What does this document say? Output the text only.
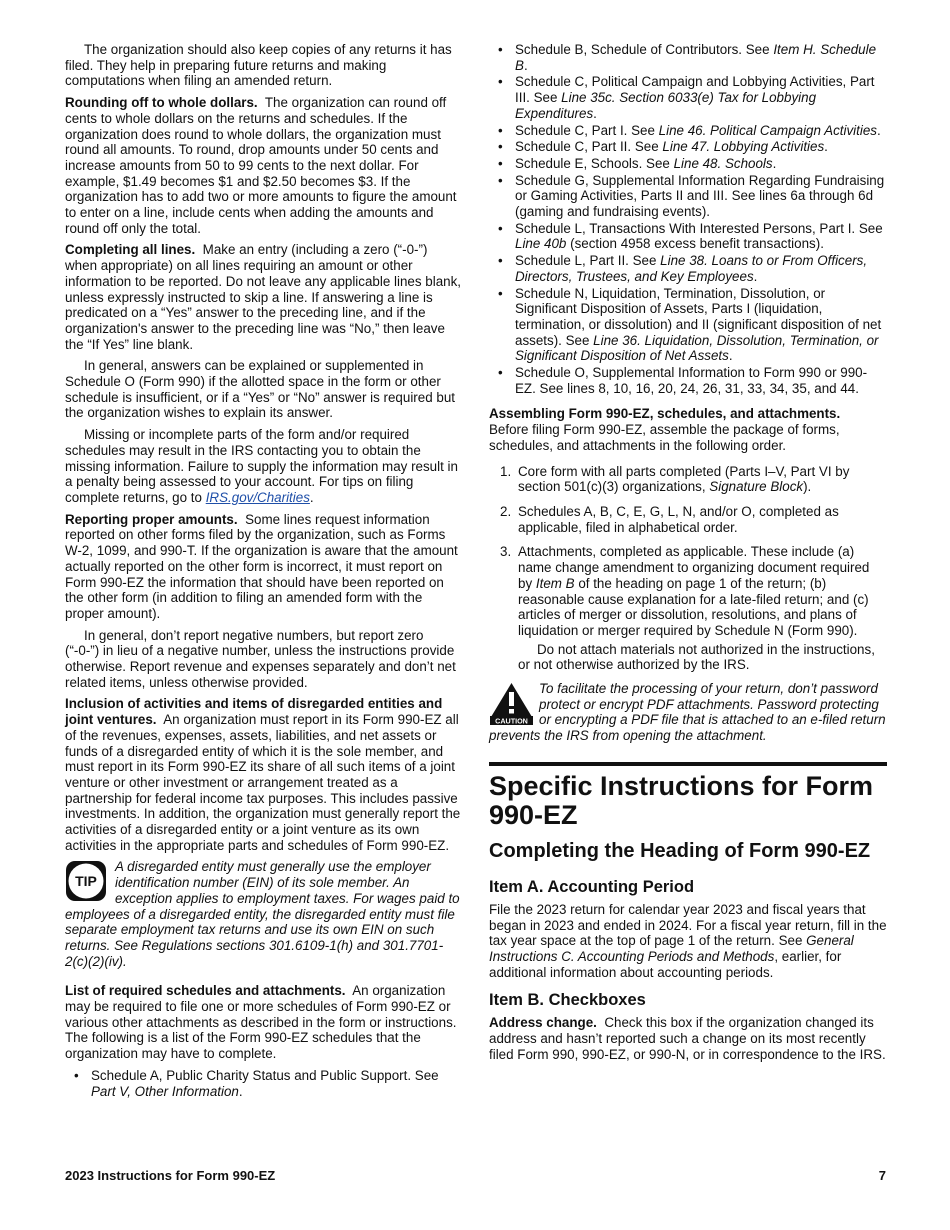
The organization should also keep copies of any returns it has filed. They help in preparing future returns and making computations when filing an amended return.

Rounding off to whole dollars. The organization can round off cents to whole dollars on the returns and schedules. If the organization does round to whole dollars, the organization must round all amounts. To round, drop amounts under 50 cents and increase amounts from 50 to 99 cents to the next dollar. For example, $1.49 becomes $1 and $2.50 becomes $3. If the organization has to add two or more amounts to figure the amount to enter on a line, include cents when adding the amounts and round off only the total.

Completing all lines. Make an entry (including a zero (“-0-”) when appropriate) on all lines requiring an amount or other information to be reported. Do not leave any applicable lines blank, unless expressly instructed to skip a line. If answering a line is predicated on a “Yes” answer to the preceding line, and if the organization's answer to the preceding line was “No,” then leave the “If Yes” line blank.

In general, answers can be explained or supplemented in Schedule O (Form 990) if the allotted space in the form or other schedule is insufficient, or if a “Yes” or “No” answer is required but the organization wishes to explain its answer.

Missing or incomplete parts of the form and/or required schedules may result in the IRS contacting you to obtain the missing information. Failure to supply the information may result in a penalty being assessed to your account. For tips on filing complete returns, go to IRS.gov/Charities.

Reporting proper amounts. Some lines request information reported on other forms filed by the organization, such as Forms W-2, 1099, and 990-T. If the organization is aware that the amount actually reported on the other form is incorrect, it must report on Form 990-EZ the information that should have been reported on the other form (in addition to filing an amended form with the proper amount).

In general, don’t report negative numbers, but report zero (“-0-”) in lieu of a negative number, unless the instructions provide otherwise. Report revenue and expenses separately and don’t net related items, unless otherwise provided.

Inclusion of activities and items of disregarded entities and joint ventures. An organization must report in its Form 990-EZ all of the revenues, expenses, assets, liabilities, and net assets or funds of a disregarded entity of which it is the sole member, and must report in its Form 990-EZ its share of all such items of a joint venture or other investment or arrangement treated as a partnership for federal income tax purposes. This includes passive investments. In addition, the organization must generally report the activities of a disregarded entity or a joint venture as its own activities in the appropriate parts and schedules of Form 990-EZ.

TIP
A disregarded entity must generally use the employer identification number (EIN) of its sole member. An exception applies to employment taxes. For wages paid to employees of a disregarded entity, the disregarded entity must file separate employment tax returns and use its own EIN on such returns. See Regulations sections 301.6109-1(h) and 301.7701-2(c)(2)(iv).

List of required schedules and attachments. An organization may be required to file one or more schedules of Form 990-EZ or various other attachments as described in the form or instructions. The following is a list of the Form 990-EZ schedules that the organization may have to complete.

• Schedule A, Public Charity Status and Public Support. See Part V, Other Information.
• Schedule B, Schedule of Contributors. See Item H. Schedule B.
• Schedule C, Political Campaign and Lobbying Activities, Part III. See Line 35c. Section 6033(e) Tax for Lobbying Expenditures.
• Schedule C, Part I. See Line 46. Political Campaign Activities.
• Schedule C, Part II. See Line 47. Lobbying Activities.
• Schedule E, Schools. See Line 48. Schools.
• Schedule G, Supplemental Information Regarding Fundraising or Gaming Activities, Parts II and III. See lines 6a through 6d (gaming and fundraising events).
• Schedule L, Transactions With Interested Persons, Part I. See Line 40b (section 4958 excess benefit transactions).
• Schedule L, Part II. See Line 38. Loans to or From Officers, Directors, Trustees, and Key Employees.
• Schedule N, Liquidation, Termination, Dissolution, or Significant Disposition of Assets, Parts I (liquidation, termination, or dissolution) and II (significant disposition of net assets). See Line 36. Liquidation, Dissolution, Termination, or Significant Disposition of Net Assets.
• Schedule O, Supplemental Information to Form 990 or 990-EZ. See lines 8, 10, 16, 20, 24, 26, 31, 33, 34, 35, and 44.

Assembling Form 990-EZ, schedules, and attachments.
Before filing Form 990-EZ, assemble the package of forms, schedules, and attachments in the following order.

1. Core form with all parts completed (Parts I–V, Part VI by section 501(c)(3) organizations, Signature Block).
2. Schedules A, B, C, E, G, L, N, and/or O, completed as applicable, filed in alphabetical order.
3. Attachments, completed as applicable. These include (a) name change amendment to organizing document required by Item B of the heading on page 1 of the return; (b) reasonable cause explanation for a late-filed return; and (c) articles of merger or dissolution, resolutions, and plans of liquidation or merger required by Schedule N (Form 990).

Do not attach materials not authorized in the instructions, or not otherwise authorized by the IRS.

CAUTION
To facilitate the processing of your return, don’t password protect or encrypt PDF attachments. Password protecting or encrypting a PDF file that is attached to an e-filed return prevents the IRS from opening the attachment.
Specific Instructions for Form 990-EZ
Completing the Heading of Form 990-EZ
Item A. Accounting Period

File the 2023 return for calendar year 2023 and fiscal years that began in 2023 and ended in 2024. For a fiscal year return, fill in the tax year space at the top of page 1 of the return. See General Instructions C. Accounting Periods and Methods, earlier, for additional information about accounting periods.

Item B. Checkboxes

Address change. Check this box if the organization changed its address and hasn’t reported such a change on its most recently filed Form 990, 990-EZ, or 990-N, or in correspondence to the IRS.

2023 Instructions for Form 990-EZ	7
